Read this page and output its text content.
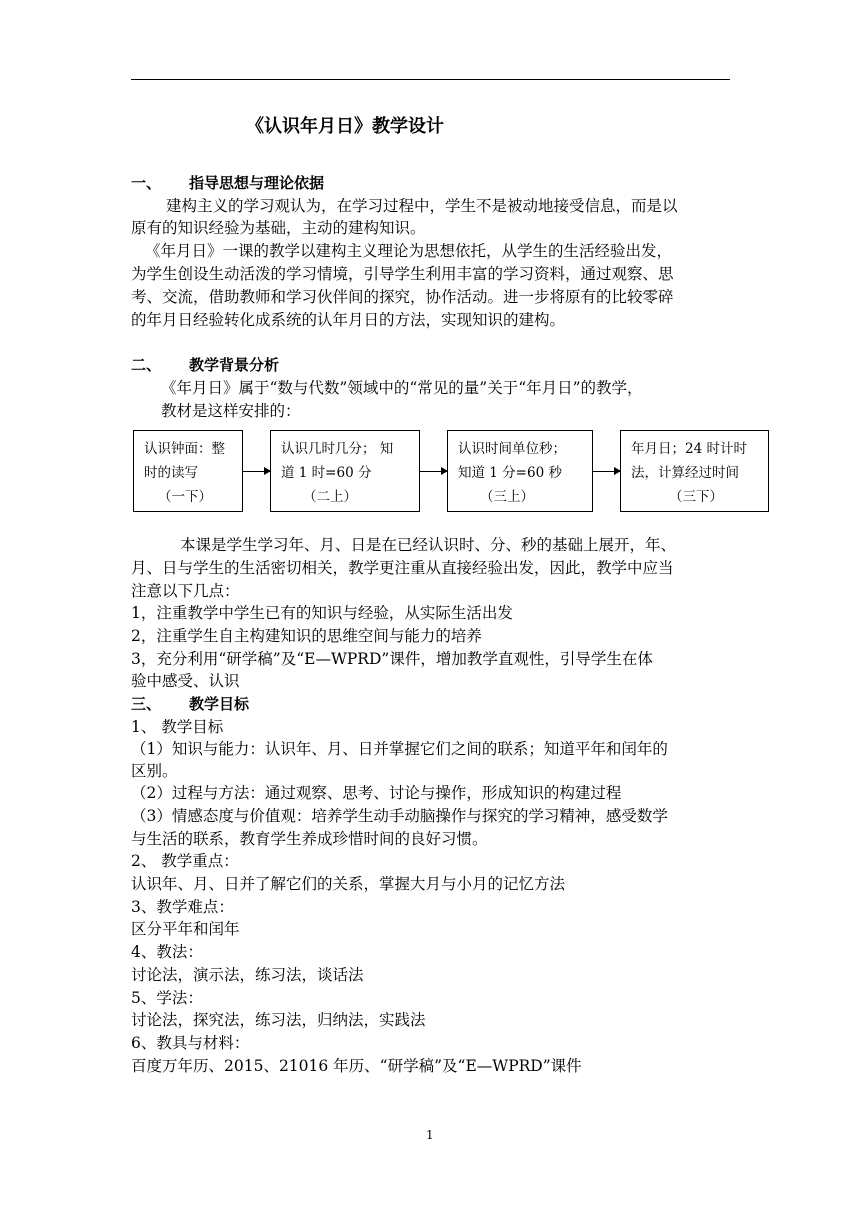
《认识年月日》教学设计
一、 指导思想与理论依据
建构主义的学习观认为，在学习过程中，学生不是被动地接受信息，而是以
原有的知识经验为基础，主动的建构知识。
《年月日》一课的教学以建构主义理论为思想依托，从学生的生活经验出发，
为学生创设生动活泼的学习情境，引导学生利用丰富的学习资料，通过观察、思
考、交流，借助教师和学习伙伴间的探究，协作活动。进一步将原有的比较零碎
的年月日经验转化成系统的认年月日的方法，实现知识的建构。
二、 教学背景分析
《年月日》属于“数与代数”领域中的“常见的量”关于“年月日”的教学，
教材是这样安排的：
认识钟面：整
时的读写
（一下）
认识几时几分； 知
道 1 时=60 分
（二上）
认识时间单位秒；
知道 1 分=60 秒
（三上）
年月日；24 时计时
法，计算经过时间
（三下）
本课是学生学习年、月、日是在已经认识时、分、秒的基础上展开，年、
月、日与学生的生活密切相关，教学更注重从直接经验出发，因此，教学中应当
注意以下几点：
1，注重教学中学生已有的知识与经验，从实际生活出发
2，注重学生自主构建知识的思维空间与能力的培养
3，充分利用“研学稿”及“E—WPRD”课件，增加教学直观性，引导学生在体
验中感受、认识
三、 教学目标
1、 教学目标
（1）知识与能力：认识年、月、日并掌握它们之间的联系；知道平年和闰年的
区别。
（2）过程与方法：通过观察、思考、讨论与操作，形成知识的构建过程
（3）情感态度与价值观：培养学生动手动脑操作与探究的学习精神，感受数学
与生活的联系，教育学生养成珍惜时间的良好习惯。
2、 教学重点：
认识年、月、日并了解它们的关系，掌握大月与小月的记忆方法
3、教学难点：
区分平年和闰年
4、教法：
讨论法，演示法，练习法，谈话法
5、学法：
讨论法，探究法，练习法，归纳法，实践法
6、教具与材料：
百度万年历、2015、21016 年历、“研学稿”及“E—WPRD”课件
1
